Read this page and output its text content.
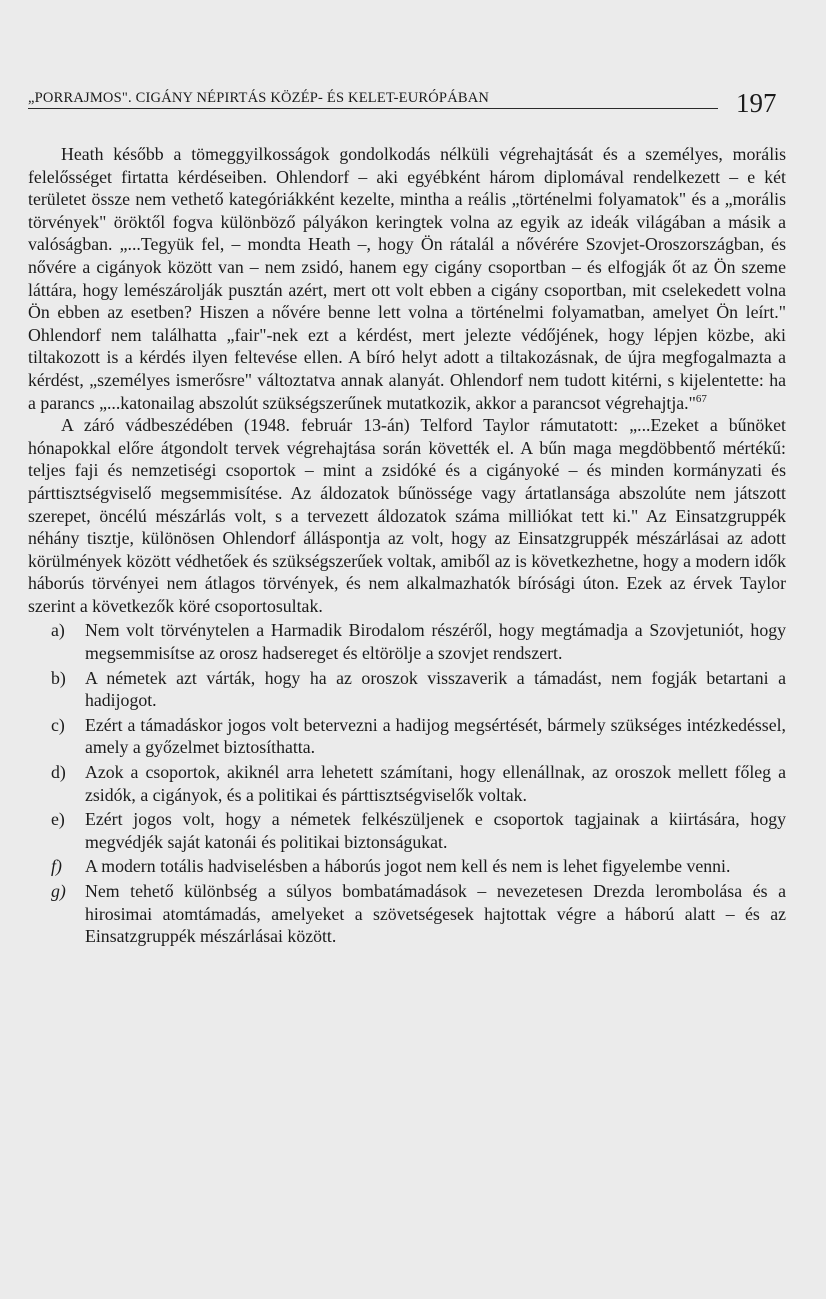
„PORRAJMOS". CIGÁNY NÉPIRTÁS KÖZÉP- ÉS KELET-EURÓPÁBAN	197

Heath később a tömeggyilkosságok gondolkodás nélküli végrehajtását és a személyes, morális felelősséget firtatta kérdéseiben. Ohlendorf – aki egyébként három diplomával rendelkezett – e két területet össze nem vethető kategóriákként kezelte, mintha a reális „történelmi folyamatok" és a „morális törvények" öröktől fogva különböző pályákon keringtek volna az egyik az ideák világában a másik a valóságban. „...Tegyük fel, – mondta Heath –, hogy Ön rátalál a nővérére Szovjet-Oroszországban, és nővére a cigányok között van – nem zsidó, hanem egy cigány csoportban – és elfogják őt az Ön szeme láttára, hogy lemészárolják pusztán azért, mert ott volt ebben a cigány csoportban, mit cselekedett volna Ön ebben az esetben? Hiszen a nővére benne lett volna a történelmi folyamatban, amelyet Ön leírt." Ohlendorf nem találhatta „fair"-nek ezt a kérdést, mert jelezte védőjének, hogy lépjen közbe, aki tiltakozott is a kérdés ilyen feltevése ellen. A bíró helyt adott a tiltakozásnak, de újra megfogalmazta a kérdést, „személyes ismerősre" változtatva annak alanyát. Ohlendorf nem tudott kitérni, s kijelentette: ha a parancs „...katonailag abszolút szükségszerűnek mutatkozik, akkor a parancsot végrehajtja."$^{67}$

A záró vádbeszédében (1948. február 13-án) Telford Taylor rámutatott: „...Ezeket a bűnöket hónapokkal előre átgondolt tervek végrehajtása során követték el. A bűn maga megdöbbentő mértékű: teljes faji és nemzetiségi csoportok – mint a zsidóké és a cigányoké – és minden kormányzati és párttisztségviselő megsemmisítése. Az áldozatok bűnössége vagy ártatlansága abszolúte nem játszott szerepet, öncélú mészárlás volt, s a tervezett áldozatok száma milliókat tett ki." Az Einsatzgruppék néhány tisztje, különösen Ohlendorf álláspontja az volt, hogy az Einsatzgruppék mészárlásai az adott körülmények között védhetőek és szükségszerűek voltak, amiből az is következhetne, hogy a modern idők háborús törvényei nem átlagos törvények, és nem alkalmazhatók bírósági úton. Ezek az érvek Taylor szerint a következők köré csoportosultak.

a) Nem volt törvénytelen a Harmadik Birodalom részéről, hogy megtámadja a Szovjetuniót, hogy megsemmisítse az orosz hadsereget és eltörölje a szovjet rendszert.
b) A németek azt várták, hogy ha az oroszok visszaverik a támadást, nem fogják betartani a hadijogot.
c) Ezért a támadáskor jogos volt betervezni a hadijog megsértését, bármely szükséges intézkedéssel, amely a győzelmet biztosíthatta.
d) Azok a csoportok, akiknél arra lehetett számítani, hogy ellenállnak, az oroszok mellett főleg a zsidók, a cigányok, és a politikai és párttisztségviselők voltak.
e) Ezért jogos volt, hogy a németek felkészüljenek e csoportok tagjainak a kiirtására, hogy megvédjék saját katonái és politikai biztonságukat.
f) A modern totális hadviselésben a háborús jogot nem kell és nem is lehet figyelembe venni.
g) Nem tehető különbség a súlyos bombatámadások – nevezetesen Drezda lerombolása és a hirosimai atomtámadás, amelyeket a szövetségesek hajtottak végre a háború alatt – és az Einsatzgruppék mészárlásai között.
